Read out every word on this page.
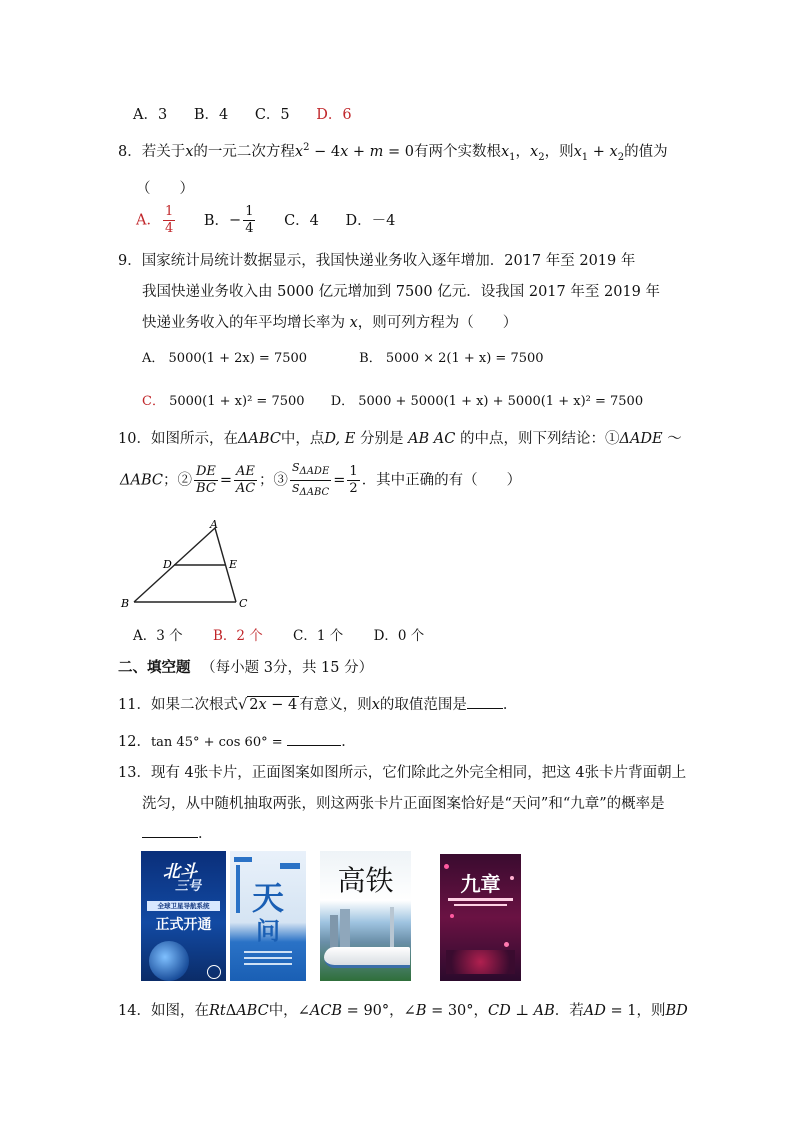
A．3 B．4 C．5 D．6
8．若关于x的一元二次方程$x^2 - 4x + m = 0$有两个实数根$x_1$，$x_2$，则$x_1 + x_2$的值为
（　　）
A． $\frac{1}{4}$ B．− $\frac{1}{4}$ C．4 D．－4
9．国家统计局统计数据显示，我国快递业务收入逐年增加．2017 年至 2019 年
我国快递业务收入由 5000 亿元增加到 7500 亿元．设我国 2017 年至 2019 年
快递业务收入的年平均增长率为 x，则可列方程为（　　）
A． 5000(1 + 2x) = 7500	B． 5000 × 2(1 + x) = 7500
C． 5000(1 + x)² = 7500 D． 5000 + 5000(1 + x) + 5000(1 + x)² = 7500
10．如图所示，在ΔABC中，点D, E 分别是 AB AC 的中点，则下列结论：①ΔADE ～
ΔABC；② $\frac{DE}{BC} = \frac{AE}{AC}$ ；③ $\frac{S_{\Delta ADE}}{S_{\Delta ABC}} = \frac{1}{2}$ ．其中正确的有（　　）
A
B	C
D	E
A．3 个 B．2 个 C．1 个 D．0 个
二、填空题 （每小题 3分，共 15 分）
11．如果二次根式√ 2x − 4 有意义，则x的取值范围是 ．
12．tan 45° + cos 60° =	．
13．现有 4张卡片，正面图案如图所示，它们除此之外完全相同，把这 4张卡片背面朝上
洗匀，从中随机抽取两张，则这两张卡片正面图案恰好是“天问”和“九章”的概率是
．
北斗
三号
全球卫星导航系统
正式开通
天
问
高铁	九章
14．如图，在RtΔABC中，∠ACB = 90°，∠B = 30°，CD ⊥ AB．若AD = 1，则BD
